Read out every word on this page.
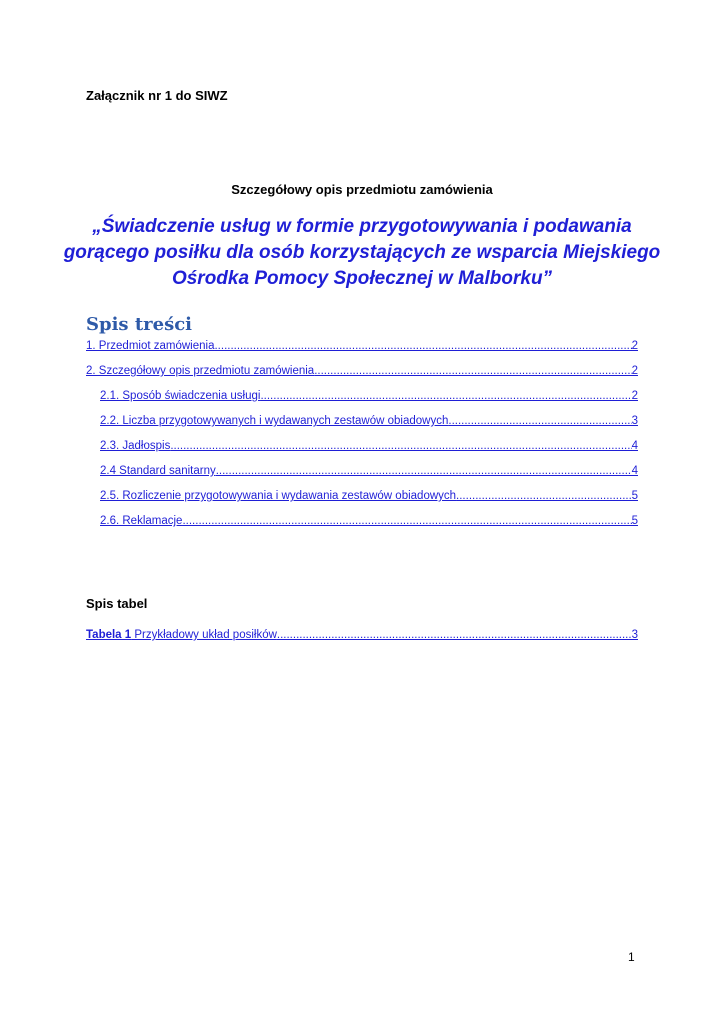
Załącznik nr 1 do SIWZ
Szczegółowy opis przedmiotu zamówienia
„Świadczenie usług w formie przygotowywania i podawania
gorącego posiłku dla osób korzystających ze wsparcia Miejskiego
Ośrodka Pomocy Społecznej w Malborku”
Spis treści
1. Przedmiot zamówienia .....	2
2. Szczegółowy opis przedmiotu zamówienia .....	2
2.1. Sposób świadczenia usługi .....	2
2.2. Liczba przygotowywanych i wydawanych zestawów obiadowych .....	3
2.3. Jadłospis .....	4
2.4 Standard sanitarny .....	4
2.5. Rozliczenie przygotowywania i wydawania zestawów obiadowych .....	5
2.6. Reklamacje .....	5
Spis tabel
Tabela 1 Przykładowy układ posiłków .....	3
1
